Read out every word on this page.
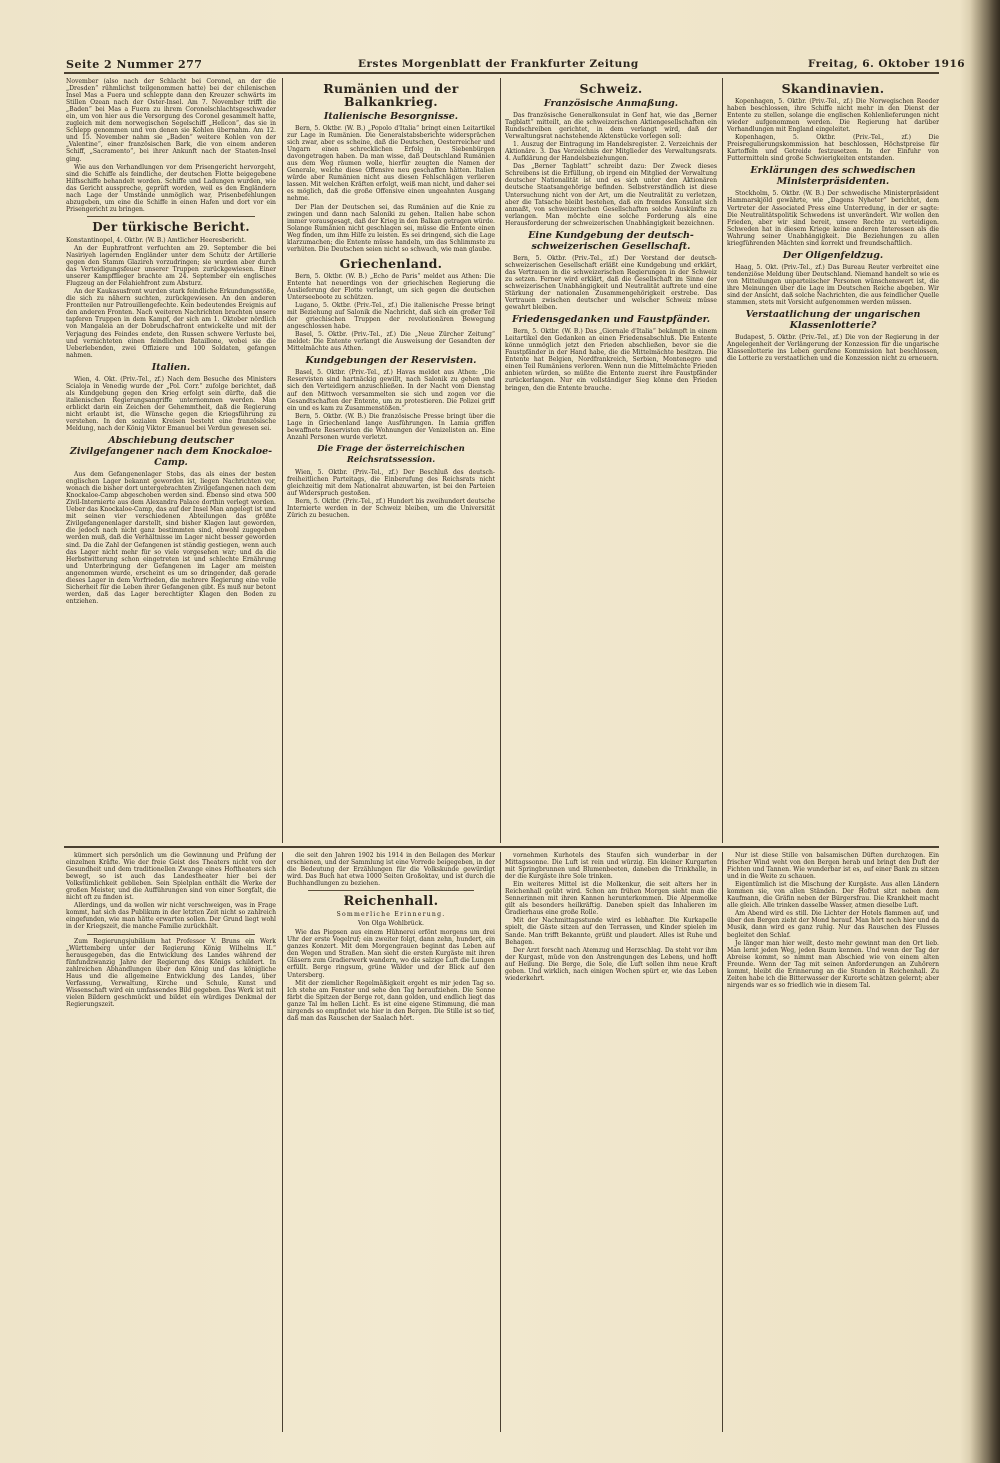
Seite 2 Nummer 277	Erstes Morgenblatt der Frankfurter Zeitung	Freitag, 6. Oktober 1916

November (also nach der Schlacht bei Coronel, an der die „Dresden“ rühmlichst teilgenommen hatte) bei der chilenischen Insel Mas a Fuera und schleppte dann den Kreuzer schwärts im Stillen Ozean nach der Oster-Insel. Am 7. November trifft die „Baden“ bei Mas a Fuera zu ihrem Coronelschlachtsgeschwader ein, um von hier aus die Versorgung des Coronel gesammelt hatte, zugleich mit dem norwegischen Segelschiff „Helicon“, das sie in Schlepp genommen und von denen sie Kohlen übernahm. Am 12. und 15. November nahm sie „Baden“ weitere Kohlen von der „Valentine“, einer französischen Bark, die von einem anderen Schiff, „Sacramento“, bei ihrer Ankunft nach der Staaten-Insel ging.

Wie aus den Verhandlungen vor dem Prisengericht hervorgeht, sind die Schiffe als feindliche, der deutschen Flotte beigegebene Hilfsschiffe behandelt worden. Schiffe und Ladungen wurden, wie das Gericht ausspreche, geprüft worden, weil es den Engländern nach Lage der Umstände unmöglich war, Prisenbefehlungen abzugeben, um eine die Schiffe in einen Hafen und dort vor ein Prisengericht zu bringen.

Der türkische Bericht.

Konstantinopel, 4. Oktbr. (W. B.) Amtlicher Heeresbericht.

An der Euphratfront verfuchten am 29. September die bei Nasiriyeh lagernden Engländer unter dem Schutz der Artillerie gegen den Stamm Glazireh vorzudringen; sie wurden aber durch das Verteidigungsfeuer unserer Truppen zurückgewiesen. Einer unserer Kampfflieger brachte am 24. September ein englisches Flugzeug an der Felahiehfront zum Absturz.

An der Kaukasusfront wurden stark feindliche Erkundungsstöße, die sich zu nähern suchten, zurückgewiesen. An den anderen Frontteilen nur Patrouillengefechte. Kein bedeutendes Ereignis auf den anderen Fronten. Nach weiteren Nachrichten brachten unsere tapferen Truppen in dem Kampf, der sich am 1. Oktober nördlich von Mangaleia an der Dobrudschafront entwickelte und mit der Verjagung des Feindes endete, den Russen schwere Verluste bei, und vernichteten einen feindlichen Bataillone, wobei sie die Ueberlebenden, zwei Offiziere und 100 Soldaten, gefangen nahmen.

Italien.

Wien, 4. Okt. (Priv.-Tel., zf.) Nach dem Besuche des Ministers Scialoja in Venedig wurde der „Pol. Corr.“ zufolge berichtet, daß als Kundgebung gegen den Krieg erfolgt sein dürfte, daß die italienischen Regierungsangriffe unternommen werden. Man erblickt darin ein Zeichen der Gehemmtheit, daß die Regierung nicht erlaubt ist, die Wünsche gegen die Kriegsführung zu verstehen. In den sozialen Kreisen besteht eine französische Meldung, nach der König Viktor Emanuel bei Verdun gewesen sei.

Abschiebung deutscher Zivilgefangener nach dem Knockaloe-Camp.

Aus dem Gefangenenlager Stobs, das als eines der besten englischen Lager bekannt geworden ist, liegen Nachrichten vor, wonach die bisher dort untergebrachten Zivilgefangenen nach dem Knockaloe-Camp abgeschoben werden sind. Ebenso sind etwa 500 Zivil-Internierte aus dem Alexandra Palace dorthin verlegt worden. Ueber das Knockaloe-Camp, das auf der Insel Man angelegt ist und mit seinen vier verschiedenen Abteilungen das größte Zivilgefangenenlager darstellt, sind bisher Klagen laut geworden, die jedoch nach nicht ganz bestimmten sind, obwohl zugegeben werden muß, daß die Verhältnisse im Lager nicht besser geworden sind. Da die Zahl der Gefangenen ist ständig gestiegen, wenn auch das Lager nicht mehr für so viele vorgesehen war; und da die Herbstwitterung schon eingetreten ist und schlechte Ernährung und Unterbringung der Gefangenen im Lager am meisten angenommen wurde, erscheint es um so dringender, daß gerade dieses Lager in dem Vorfrieden, die mehrere Regierung eine volle Sicherheit für die Leben ihrer Gefangenen gibt. Es muß nur betont werden, daß das Lager berechtigter Klagen den Boden zu entziehen.

Rumänien und der Balkankrieg.
Italienische Besorgnisse.

Bern, 5. Oktbr. (W. B.) „Popolo d'Italia“ bringt einen Leitartikel zur Lage in Rumänien. Die Generalstabsberichte widersprächen sich zwar, aber es scheine, daß die Deutschen, Oesterreicher und Ungarn einen schrecklichen Erfolg in Siebenbürgen davongetragen haben. Da man wisse, daß Deutschland Rumänien aus dem Weg räumen wolle, hierfür zeugten die Namen der Generale, welche diese Offensive neu geschaffen hätten. Italien würde aber Rumänien nicht aus diesen Fehlschlägen verlieren lassen. Mit welchen Kräften erfolgt, weiß man nicht, und daher sei es möglich, daß die große Offensive einen ungeahnten Ausgang nehme.

Der Plan der Deutschen sei, das Rumänien auf die Knie zu zwingen und dann nach Saloniki zu gehen. Italien habe schon immer vorausgesagt, daß der Krieg in den Balkan getragen würde. Solange Rumänien nicht geschlagen sei, müsse die Entente einen Weg finden, um ihm Hilfe zu leisten. Es sei dringend, sich die Lage klarzumachen; die Entente müsse handeln, um das Schlimmste zu verhüten. Die Deutschen seien nicht so schwach, wie man glaube.

Griechenland.

Bern, 5. Oktbr. (W. B.) „Echo de Paris“ meldet aus Athen: Die Entente hat neuerdings von der griechischen Regierung die Auslieferung der Flotte verlangt, um sich gegen die deutschen Unterseeboote zu schützen.

Lugano, 5. Oktbr. (Priv.-Tel., zf.) Die italienische Presse bringt mit Beziehung auf Salonik die Nachricht, daß sich ein großer Teil der griechischen Truppen der revolutionären Bewegung angeschlossen habe.

Basel, 5. Oktbr. (Priv.-Tel., zf.) Die „Neue Zürcher Zeitung“ meldet: Die Entente verlangt die Ausweisung der Gesandten der Mittelmächte aus Athen.

Kundgebungen der Reservisten.

Basel, 5. Oktbr. (Priv.-Tel., zf.) Havas meldet aus Athen: „Die Reservisten sind hartnäckig gewillt, nach Salonik zu gehen und sich den Verteidigern anzuschließen. In der Nacht vom Dienstag auf den Mittwoch versammelten sie sich und zogen vor die Gesandtschaften der Entente, um zu protestieren. Die Polizei griff ein und es kam zu Zusammenstößen.“

Bern, 5. Oktbr. (W. B.) Die französische Presse bringt über die Lage in Griechenland lange Ausführungen. In Lamia griffen bewaffnete Reservisten die Wohnungen der Venizelisten an. Eine Anzahl Personen wurde verletzt.

Die Frage der österreichischen Reichsratssession.

Wien, 5. Oktbr. (Priv.-Tel., zf.) Der Beschluß des deutsch-freiheitlichen Parteitags, die Einberufung des Reichsrats nicht gleichzeitig mit dem Nationalrat abzuwarten, ist bei den Parteien auf Widerspruch gestoßen.

Bern, 5. Oktbr. (Priv.-Tel., zf.) Hundert bis zweihundert deutsche Internierte werden in der Schweiz bleiben, um die Universität Zürich zu besuchen.

Schweiz.
Französische Anmaßung.

Das französische Generalkonsulat in Genf hat, wie das „Berner Tagblatt“ mitteilt, an die schweizerischen Aktiengesellschaften ein Rundschreiben gerichtet, in dem verlangt wird, daß der Verwaltungsrat nachstehende Aktenstücke vorlegen soll:

1. Auszug der Eintragung im Handelsregister. 2. Verzeichnis der Aktionäre. 3. Das Verzeichnis der Mitglieder des Verwaltungsrats. 4. Aufklärung der Handelsbeziehungen.

Das „Berner Tagblatt“ schreibt dazu: Der Zweck dieses Schreibens ist die Erfüllung, ob irgend ein Mitglied der Verwaltung deutscher Nationalität ist und es sich unter den Aktionären deutsche Staatsangehörige befinden. Selbstverständlich ist diese Untersuchung nicht von der Art, um die Neutralität zu verletzen, aber die Tatsache bleibt bestehen, daß ein fremdes Konsulat sich anmaßt, von schweizerischen Gesellschaften solche Auskünfte zu verlangen. Man möchte eine solche Forderung als eine Herausforderung der schweizerischen Unabhängigkeit bezeichnen.

Eine Kundgebung der deutsch-schweizerischen Gesellschaft.

Bern, 5. Oktbr. (Priv.-Tel., zf.) Der Vorstand der deutsch-schweizerischen Gesellschaft erläßt eine Kundgebung und erklärt, das Vertrauen in die schweizerischen Regierungen in der Schweiz zu setzen. Ferner wird erklärt, daß die Gesellschaft im Sinne der schweizerischen Unabhängigkeit und Neutralität auftrete und eine Stärkung der nationalen Zusammengehörigkeit erstrebe. Das Vertrauen zwischen deutscher und welscher Schweiz müsse gewahrt bleiben.

Friedensgedanken und Faustpfänder.

Bern, 5. Oktbr. (W. B.) Das „Giornale d'Italia“ bekämpft in einem Leitartikel den Gedanken an einen Friedensabschluß. Die Entente könne unmöglich jetzt den Frieden abschließen, bevor sie die Faustpfänder in der Hand habe, die die Mittelmächte besitzen. Die Entente hat Belgien, Nordfrankreich, Serbien, Montenegro und einen Teil Rumäniens verloren. Wenn nun die Mittelmächte Frieden anbieten würden, so müßte die Entente zuerst ihre Faustpfänder zurückerlangen. Nur ein vollständiger Sieg könne den Frieden bringen, den die Entente brauche.

Skandinavien.

Kopenhagen, 5. Oktbr. (Priv.-Tel., zf.) Die Norwegischen Reeder haben beschlossen, ihre Schiffe nicht mehr in den Dienst der Entente zu stellen, solange die englischen Kohlenlieferungen nicht wieder aufgenommen werden. Die Regierung hat darüber Verhandlungen mit England eingeleitet.

Kopenhagen, 5. Oktbr. (Priv.-Tel., zf.) Die Preisregulierungskommission hat beschlossen, Höchstpreise für Kartoffeln und Getreide festzusetzen. In der Einfuhr von Futtermitteln sind große Schwierigkeiten entstanden.

Erklärungen des schwedischen Ministerpräsidenten.

Stockholm, 5. Oktbr. (W. B.) Der schwedische Ministerpräsident Hammarskjöld gewährte, wie „Dagens Nyheter“ berichtet, dem Vertreter der Associated Press eine Unterredung, in der er sagte: Die Neutralitätspolitik Schwedens ist unverändert. Wir wollen den Frieden, aber wir sind bereit, unsere Rechte zu verteidigen. Schweden hat in diesem Kriege keine anderen Interessen als die Wahrung seiner Unabhängigkeit. Die Beziehungen zu allen kriegführenden Mächten sind korrekt und freundschaftlich.

Der Oligenfeldzug.

Haag, 5. Okt. (Priv.-Tel., zf.) Das Bureau Reuter verbreitet eine tendenziöse Meldung über Deutschland. Niemand handelt so wie es von Mitteilungen unparteiischer Personen wünschenswert ist, die ihre Meinungen über die Lage im Deutschen Reiche abgeben. Wir sind der Ansicht, daß solche Nachrichten, die aus feindlicher Quelle stammen, stets mit Vorsicht aufgenommen werden müssen.

Verstaatlichung der ungarischen Klassenlotterie?

Budapest, 5. Oktbr. (Priv.-Tel., zf.) Die von der Regierung in der Angelegenheit der Verlängerung der Konzession für die ungarische Klassenlotterie ins Leben gerufene Kommission hat beschlossen, die Lotterie zu verstaatlichen und die Konzession nicht zu erneuern.

kümmert sich persönlich um die Gewinnung und Prüfung der einzelnen Kräfte. Wie der freie Geist des Theaters nicht von der Gesundheit und dem traditionellen Zwange eines Hoftheaters sich bewegt, so ist auch das Landestheater hier bei der Volkstümlichkeit geblieben. Sein Spielplan enthält die Werke der großen Meister, und die Aufführungen sind von einer Sorgfalt, die nicht oft zu finden ist.

Allerdings, und da wollen wir nicht verschweigen, was in Frage kommt, hat sich das Publikum in der letzten Zeit nicht so zahlreich eingefunden, wie man hätte erwarten sollen. Der Grund liegt wohl in der Kriegszeit, die manche Familie zurückhält.

Zum Regierungsjubiläum hat Professor V. Bruns ein Werk „Württemberg unter der Regierung König Wilhelms II.“ herausgegeben, das die Entwicklung des Landes während der fünfundzwanzig Jahre der Regierung des Königs schildert. In zahlreichen Abhandlungen über den König und das königliche Haus und die allgemeine Entwicklung des Landes, über Verfassung, Verwaltung, Kirche und Schule, Kunst und Wissenschaft wird ein umfassendes Bild gegeben. Das Werk ist mit vielen Bildern geschmückt und bildet ein würdiges Denkmal der Regierungszeit.

die seit den Jahren 1902 bis 1914 in den Beilagen des Merkur erschienen, und der Sammlung ist eine Vorrede beigegeben, in der die Bedeutung der Erzählungen für die Volkskunde gewürdigt wird. Das Buch hat etwa 1000 Seiten Großoktav, und ist durch die Buchhandlungen zu beziehen.

Reichenhall.
Sommerliche Erinnerung.
Von Olga Wohlbrück.

Wie das Piepsen aus einem Hühnerei erfönt morgens um drei Uhr der erste Vogelruf; ein zweiter folgt, dann zehn, hundert, ein ganzes Konzert. Mit dem Morgengrauen beginnt das Leben auf den Wegen und Straßen. Man sieht die ersten Kurgäste mit ihren Gläsern zum Gradierwerk wandern, wo die salzige Luft die Lungen erfüllt. Berge ringsum, grüne Wälder und der Blick auf den Untersberg.

Mit der ziemlicher Regelmäßigkeit ergeht es mir jeden Tag so. Ich stehe am Fenster und sehe den Tag heraufziehen. Die Sonne färbt die Spitzen der Berge rot, dann golden, und endlich liegt das ganze Tal im hellen Licht. Es ist eine eigene Stimmung, die man nirgends so empfindet wie hier in den Bergen. Die Stille ist so tief, daß man das Rauschen der Saalach hört.

vornehmen Kurhotels des Staufen sich wunderbar in der Mittagssonne. Die Luft ist rein und würzig. Ein kleiner Kurgarten mit Springbrunnen und Blumenbeeten, daneben die Trinkhalle, in der die Kurgäste ihre Sole trinken.

Ein weiteres Mittel ist die Molkenkur, die seit alters her in Reichenhall geübt wird. Schon am frühen Morgen sieht man die Sennerinnen mit ihren Kannen herunterkommen. Die Alpenmolke gilt als besonders heilkräftig. Daneben spielt das Inhalieren im Gradierhaus eine große Rolle.

Mit der Nachmittagsstunde wird es lebhafter. Die Kurkapelle spielt, die Gäste sitzen auf den Terrassen, und Kinder spielen im Sande. Man trifft Bekannte, grüßt und plaudert. Alles ist Ruhe und Behagen.

Der Arzt forscht nach Atemzug und Herzschlag. Da steht vor ihm der Kurgast, müde von den Anstrengungen des Lebens, und hofft auf Heilung. Die Berge, die Sole, die Luft sollen ihm neue Kraft geben. Und wirklich, nach einigen Wochen spürt er, wie das Leben wiederkehrt.

Nur ist diese Stille von balsamischen Düften durchzogen. Ein frischer Wind weht von den Bergen herab und bringt den Duft der Fichten und Tannen. Wie wunderbar ist es, auf einer Bank zu sitzen und in die Weite zu schauen.

Eigentümlich ist die Mischung der Kurgäste. Aus allen Ländern kommen sie, von allen Ständen. Der Hofrat sitzt neben dem Kaufmann, die Gräfin neben der Bürgersfrau. Die Krankheit macht alle gleich. Alle trinken dasselbe Wasser, atmen dieselbe Luft.

Am Abend wird es still. Die Lichter der Hotels flammen auf, und über den Bergen zieht der Mond herauf. Man hört noch hier und da Musik, dann wird es ganz ruhig. Nur das Rauschen des Flusses begleitet den Schlaf.

Je länger man hier weilt, desto mehr gewinnt man den Ort lieb. Man lernt jeden Weg, jeden Baum kennen. Und wenn der Tag der Abreise kommt, so nimmt man Abschied wie von einem alten Freunde. Wenn der Tag mit seinen Anforderungen an Zuhörern kommt, bleibt die Erinnerung an die Stunden in Reichenhall. Zu Zeiten habe ich die Bitterwasser der Kurorte schätzen gelernt; aber nirgends war es so friedlich wie in diesem Tal.
